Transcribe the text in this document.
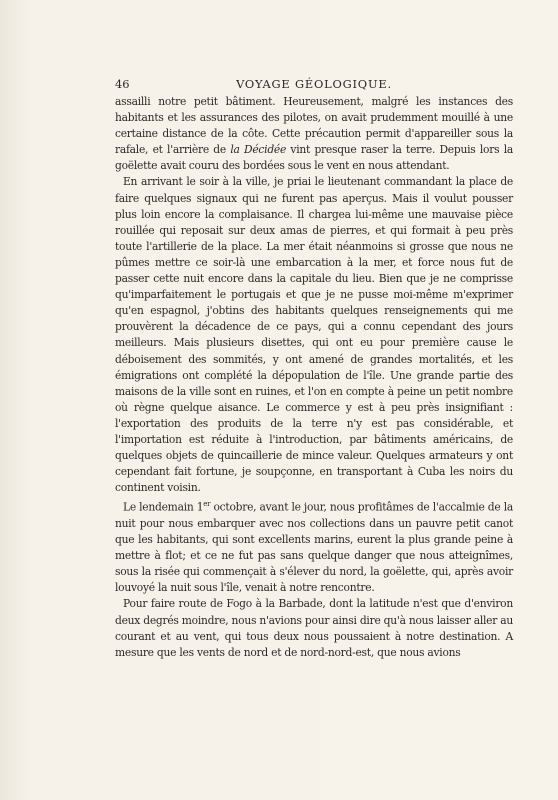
46	VOYAGE GÉOLOGIQUE.

assailli notre petit bâtiment. Heureusement, malgré les instances des habitants et les assurances des pilotes, on avait prudemment mouillé à une certaine distance de la côte. Cette précaution permit d'appareiller sous la rafale, et l'arrière de la Décidée vint presque raser la terre. Depuis lors la goëlette avait couru des bordées sous le vent en nous attendant.

En arrivant le soir à la ville, je priai le lieutenant commandant la place de faire quelques signaux qui ne furent pas aperçus. Mais il voulut pousser plus loin encore la complaisance. Il chargea lui-même une mauvaise pièce rouillée qui reposait sur deux amas de pierres, et qui formait à peu près toute l'artillerie de la place. La mer était néanmoins si grosse que nous ne pûmes mettre ce soir-là une embarcation à la mer, et force nous fut de passer cette nuit encore dans la capitale du lieu. Bien que je ne comprisse qu'imparfaitement le portugais et que je ne pusse moi-même m'exprimer qu'en espagnol, j'obtins des habitants quelques renseignements qui me prouvèrent la décadence de ce pays, qui a connu cependant des jours meilleurs. Mais plusieurs disettes, qui ont eu pour première cause le déboisement des sommités, y ont amené de grandes mortalités, et les émigrations ont complété la dépopulation de l'île. Une grande partie des maisons de la ville sont en ruines, et l'on en compte à peine un petit nombre où règne quelque aisance. Le commerce y est à peu près insignifiant : l'exportation des produits de la terre n'y est pas considérable, et l'importation est réduite à l'introduction, par bâtiments américains, de quelques objets de quincaillerie de mince valeur. Quelques armateurs y ont cependant fait fortune, je soupçonne, en transportant à Cuba les noirs du continent voisin.

Le lendemain 1er octobre, avant le jour, nous profitâmes de l'accalmie de la nuit pour nous embarquer avec nos collections dans un pauvre petit canot que les habitants, qui sont excellents marins, eurent la plus grande peine à mettre à flot; et ce ne fut pas sans quelque danger que nous atteignîmes, sous la risée qui commençait à s'élever du nord, la goëlette, qui, après avoir louvoyé la nuit sous l'île, venait à notre rencontre.

Pour faire route de Fogo à la Barbade, dont la latitude n'est que d'environ deux degrés moindre, nous n'avions pour ainsi dire qu'à nous laisser aller au courant et au vent, qui tous deux nous poussaient à notre destination. A mesure que les vents de nord et de nord-nord-est, que nous avions
